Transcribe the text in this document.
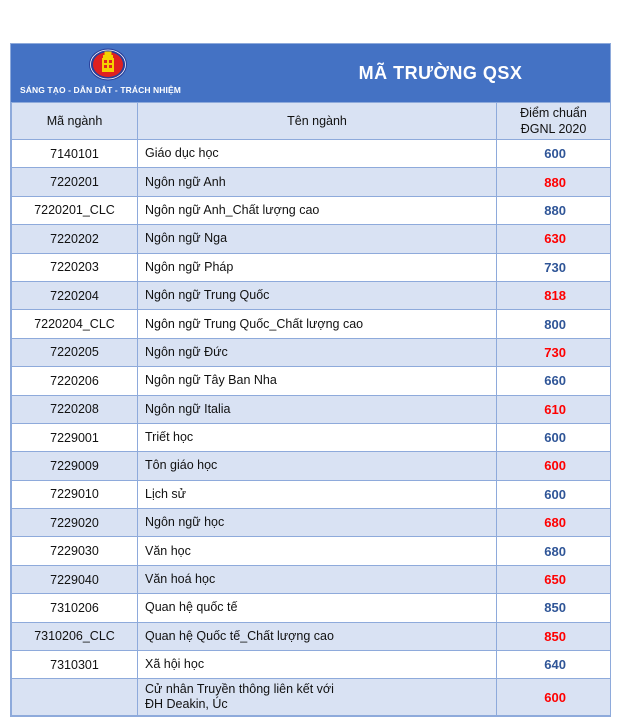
SÁNG TẠO - DẪN DẮT - TRÁCH NHIỆM
MÃ TRƯỜNG QSX
Mã ngành	Tên ngành	Điểm chuẩn
ĐGNL 2020

7140101	Giáo dục học	600
7220201	Ngôn ngữ Anh	880
7220201_CLC	Ngôn ngữ Anh_Chất lượng cao	880
7220202	Ngôn ngữ Nga	630
7220203	Ngôn ngữ Pháp	730
7220204	Ngôn ngữ Trung Quốc	818
7220204_CLC	Ngôn ngữ Trung Quốc_Chất lượng cao	800
7220205	Ngôn ngữ Đức	730
7220206	Ngôn ngữ Tây Ban Nha	660
7220208	Ngôn ngữ Italia	610
7229001	Triết học	600
7229009	Tôn giáo học	600
7229010	Lịch sử	600
7229020	Ngôn ngữ học	680
7229030	Văn học	680
7229040	Văn hoá học	650
7310206	Quan hệ quốc tế	850
7310206_CLC	Quan hệ Quốc tế_Chất lượng cao	850
7310301	Xã hội học	640

	Cử nhân Truyền thông liên kết với
ĐH Deakin, Úc	600
